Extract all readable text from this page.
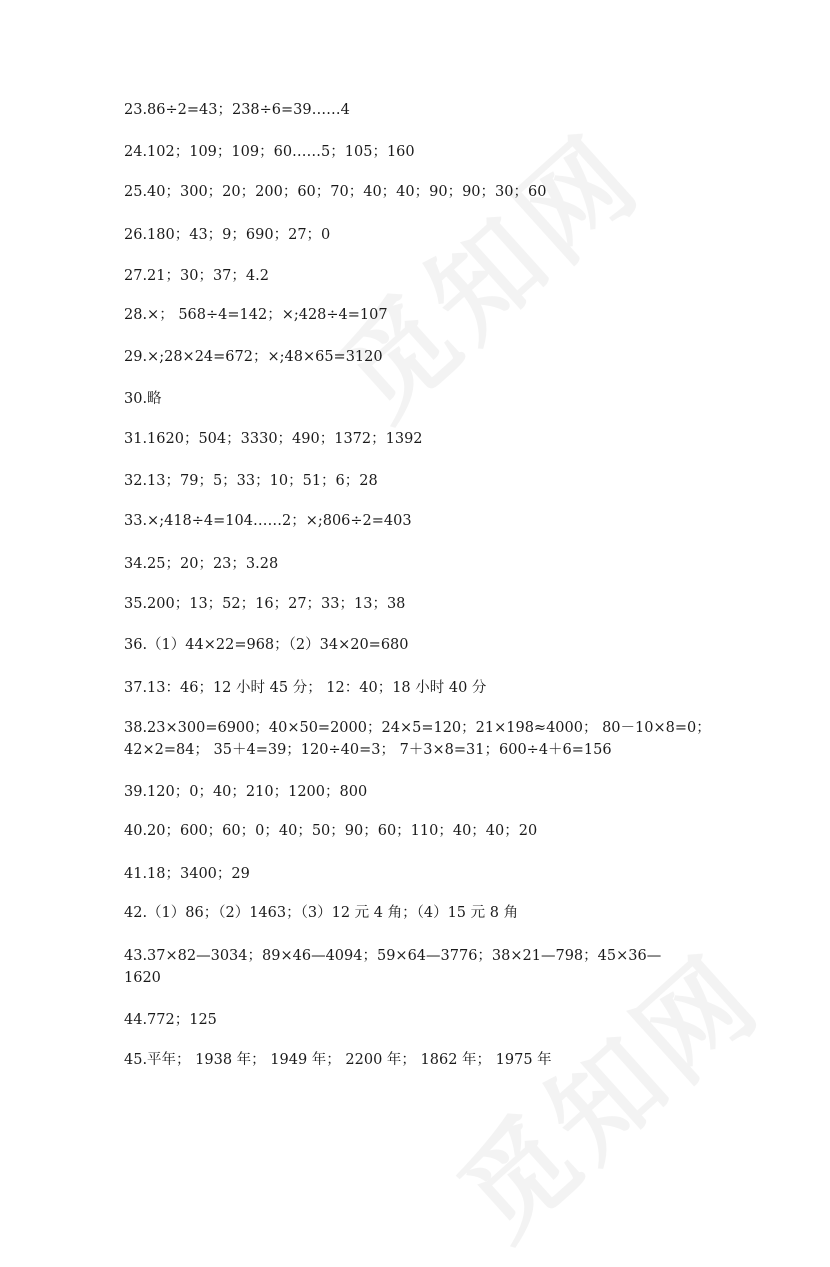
23.86÷2=43；238÷6=39……4
24.102；109；109；60……5；105；160
25.40；300；20；200；60；70；40；40；90；90；30；60
26.180；43；9；690；27；0
27.21；30；37；4.2
28.×； 568÷4=142；×;428÷4=107
29.×;28×24=672；×;48×65=3120
30.略
31.1620；504；3330；490；1372；1392
32.13；79；5；33；10；51；6；28
33.×;418÷4=104……2；×;806÷2=403
34.25；20；23；3.28
35.200；13；52；16；27；33；13；38
36.（1）44×22=968；（2）34×20=680
37.13：46；12 小时 45 分； 12：40；18 小时 40 分
38.23×300=6900；40×50=2000；24×5=120；21×198≈4000； 80－10×8=0；
42×2=84； 35＋4=39；120÷40=3； 7＋3×8=31；600÷4＋6=156
39.120；0；40；210；1200；800
40.20；600；60；0；40；50；90；60；110；40；40；20
41.18；3400；29
42.（1）86；（2）1463；（3）12 元 4 角；（4）15 元 8 角
43.37×82—3034；89×46—4094；59×64—3776；38×21—798；45×36—
1620
44.772；125
45.平年； 1938 年； 1949 年； 2200 年； 1862 年； 1975 年
